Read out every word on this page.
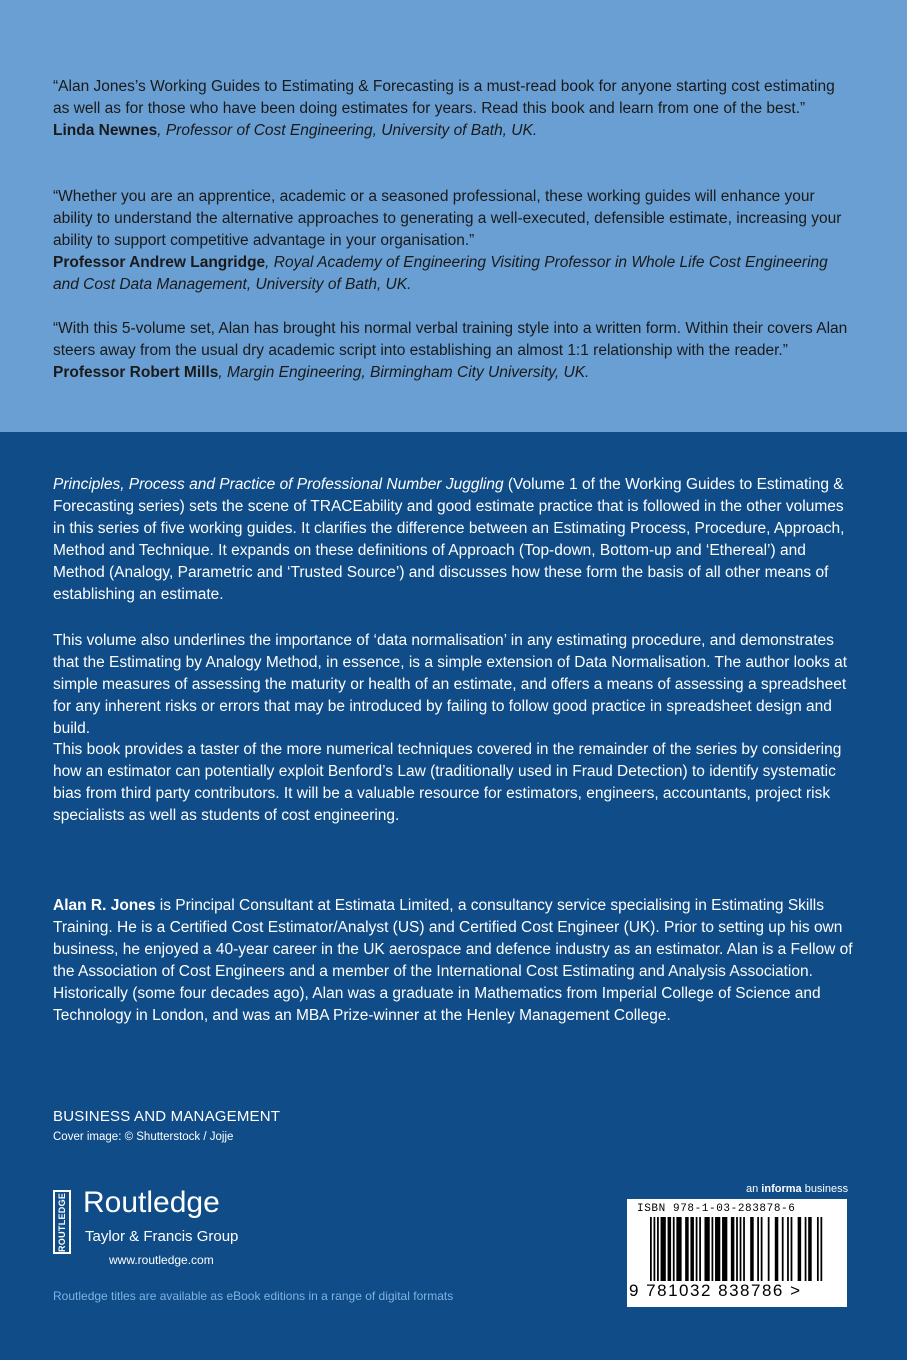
“Alan Jones’s Working Guides to Estimating & Forecasting is a must-read book for anyone starting cost estimating as well as for those who have been doing estimates for years. Read this book and learn from one of the best.”

Linda Newnes, Professor of Cost Engineering, University of Bath, UK.

“Whether you are an apprentice, academic or a seasoned professional, these working guides will enhance your ability to understand the alternative approaches to generating a well-executed, defensible estimate, increasing your ability to support competitive advantage in your organisation.”

Professor Andrew Langridge, Royal Academy of Engineering Visiting Professor in Whole Life Cost Engineering and Cost Data Management, University of Bath, UK.

“With this 5-volume set, Alan has brought his normal verbal training style into a written form. Within their covers Alan steers away from the usual dry academic script into establishing an almost 1:1 relationship with the reader.”

Professor Robert Mills, Margin Engineering, Birmingham City University, UK.

Principles, Process and Practice of Professional Number Juggling (Volume 1 of the Working Guides to Estimating & Forecasting series) sets the scene of TRACEability and good estimate practice that is followed in the other volumes in this series of five working guides. It clarifies the difference between an Estimating Process, Procedure, Approach, Method and Technique. It expands on these definitions of Approach (Top-down, Bottom-up and ‘Ethereal’) and Method (Analogy, Parametric and ‘Trusted Source’) and discusses how these form the basis of all other means of establishing an estimate.

This volume also underlines the importance of ‘data normalisation’ in any estimating procedure, and demonstrates that the Estimating by Analogy Method, in essence, is a simple extension of Data Normalisation. The author looks at simple measures of assessing the maturity or health of an estimate, and offers a means of assessing a spreadsheet for any inherent risks or errors that may be introduced by failing to follow good practice in spreadsheet design and build.

This book provides a taster of the more numerical techniques covered in the remainder of the series by considering how an estimator can potentially exploit Benford’s Law (traditionally used in Fraud Detection) to identify systematic bias from third party contributors. It will be a valuable resource for estimators, engineers, accountants, project risk specialists as well as students of cost engineering.

Alan R. Jones is Principal Consultant at Estimata Limited, a consultancy service specialising in Estimating Skills Training. He is a Certified Cost Estimator/Analyst (US) and Certified Cost Engineer (UK). Prior to setting up his own business, he enjoyed a 40-year career in the UK aerospace and defence industry as an estimator. Alan is a Fellow of the Association of Cost Engineers and a member of the International Cost Estimating and Analysis Association. Historically (some four decades ago), Alan was a graduate in Mathematics from Imperial College of Science and Technology in London, and was an MBA Prize-winner at the Henley Management College.

BUSINESS AND MANAGEMENT
Cover image: © Shutterstock / Jojje
ROUTLEDGE Routledge
Taylor & Francis Group
www.routledge.com
Routledge titles are available as eBook editions in a range of digital formats
an informa business
ISBN 978-1-03-283878-6
9 781032 838786 >
